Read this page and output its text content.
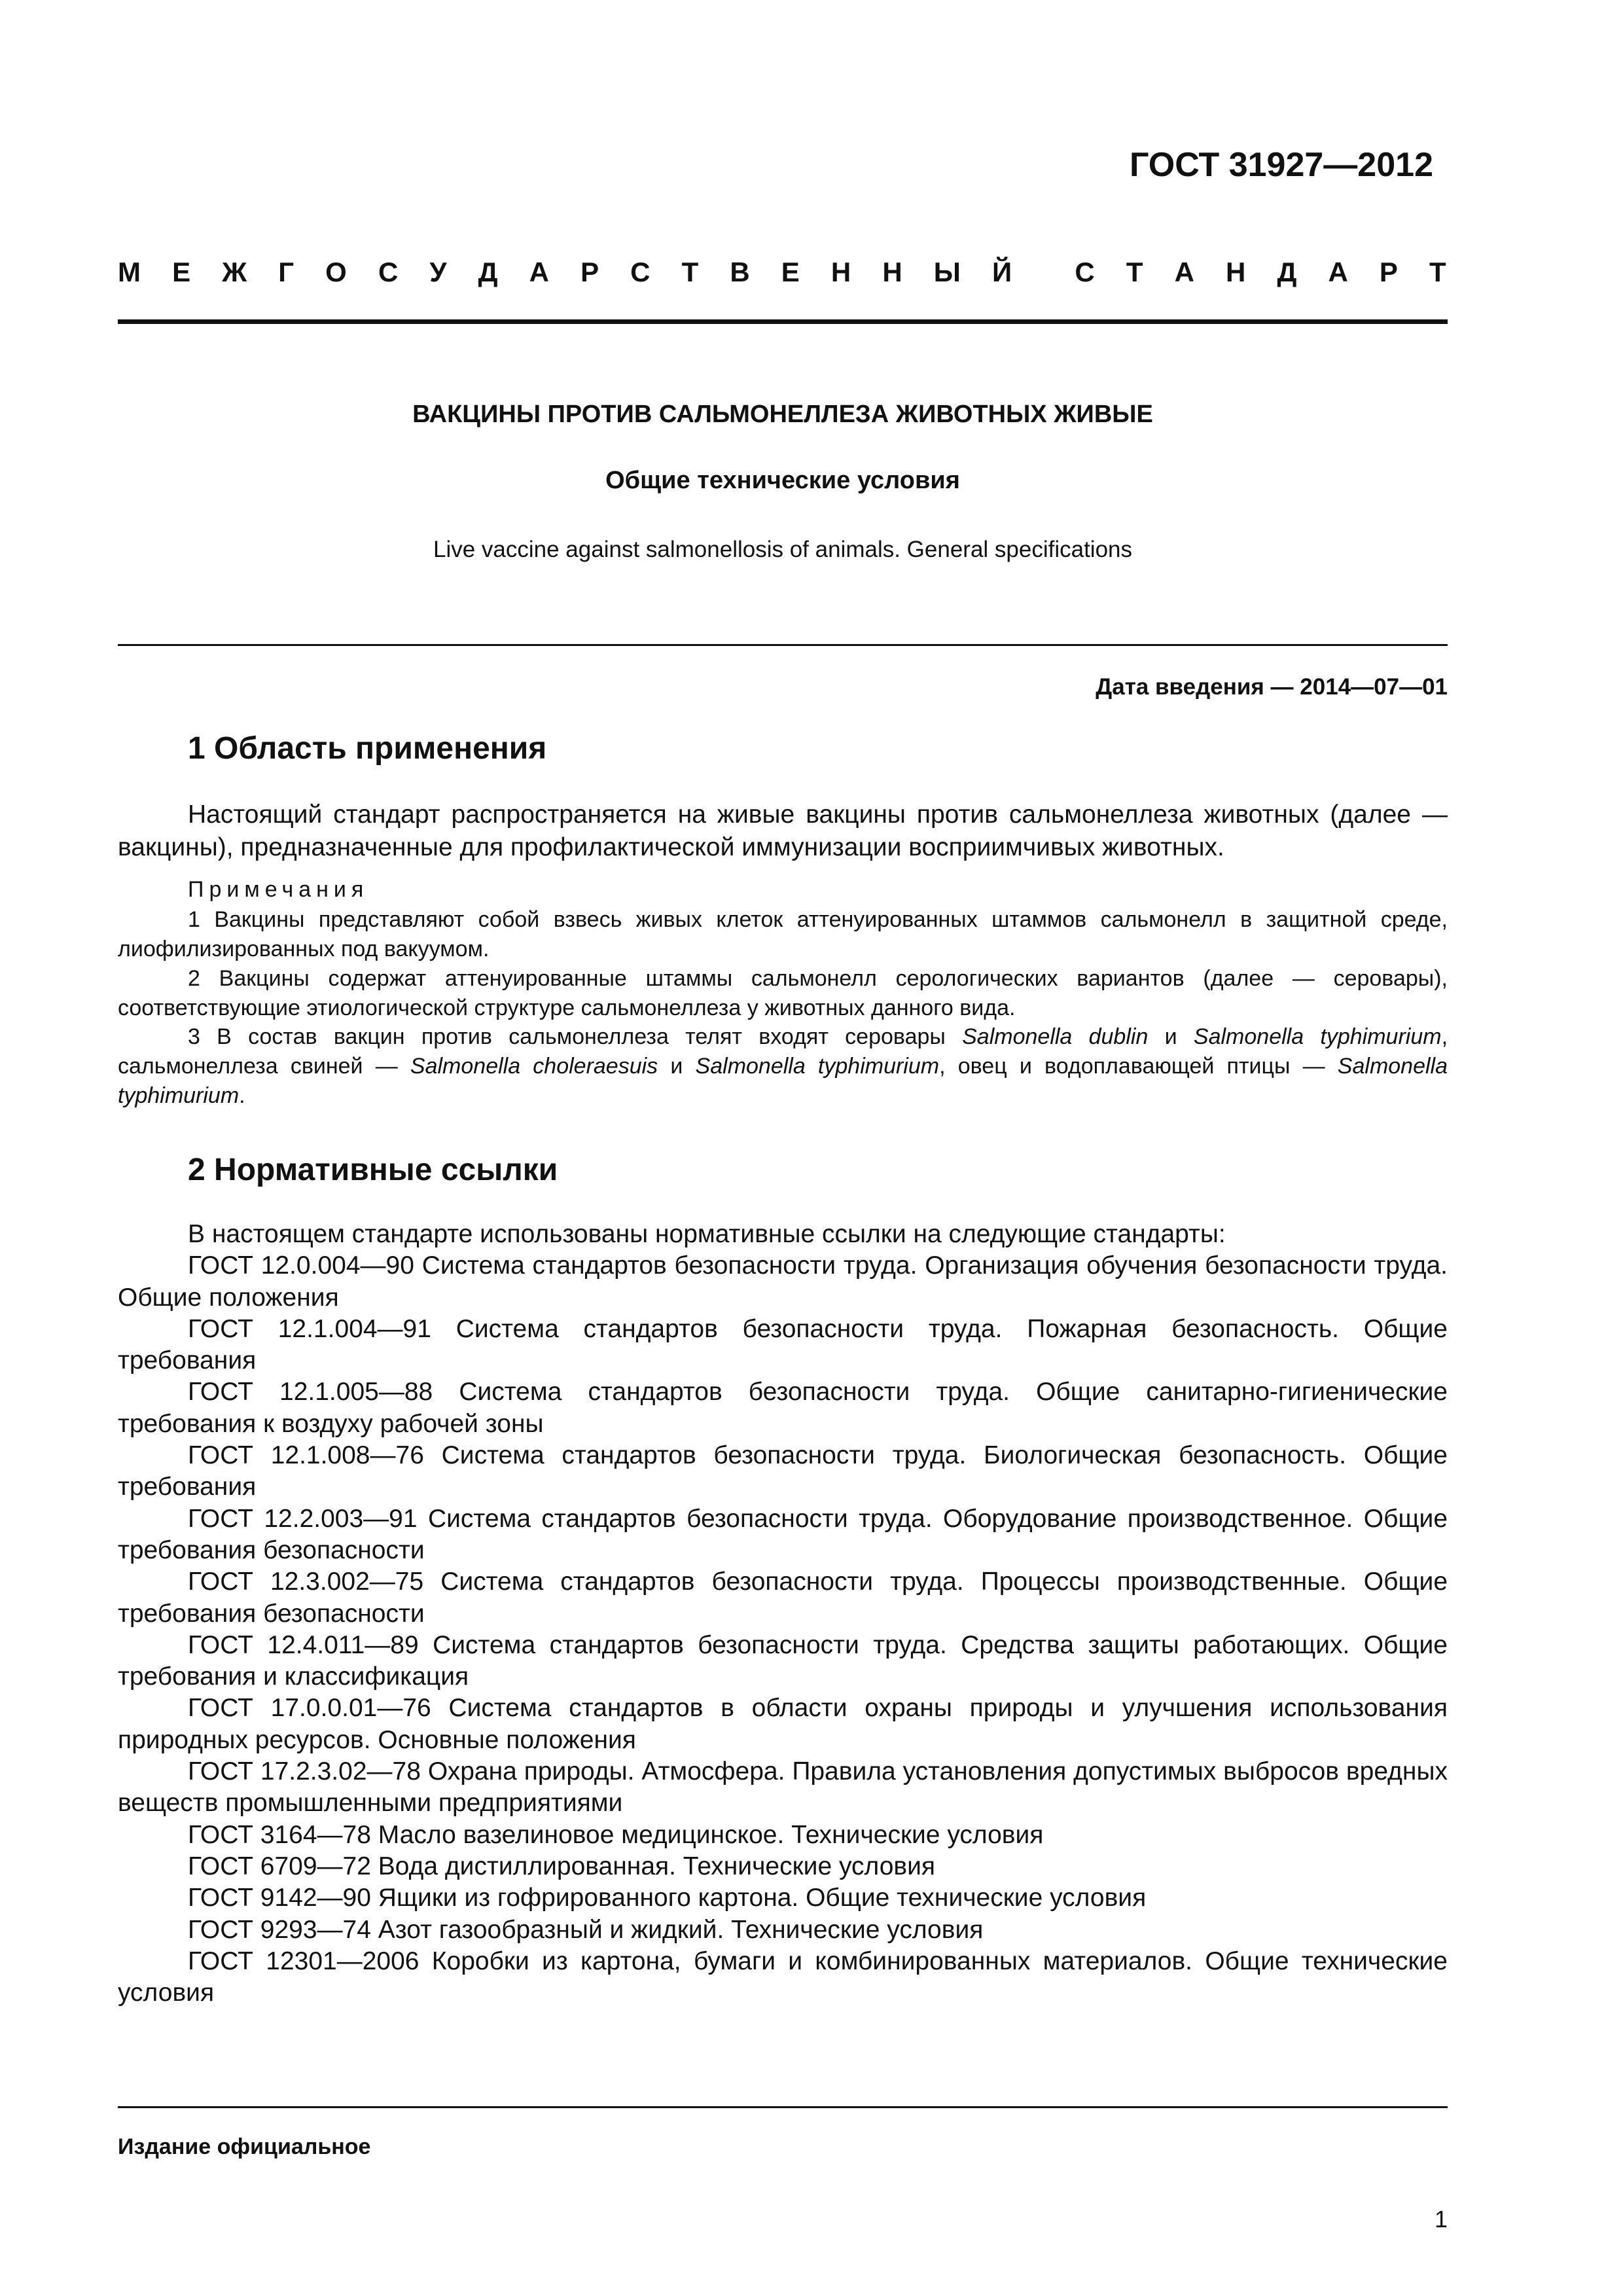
ГОСТ 31927—2012
М Е Ж Г О С У Д А Р С Т В Е Н Н Ы Й С Т А Н Д А Р Т
ВАКЦИНЫ ПРОТИВ САЛЬМОНЕЛЛЕЗА ЖИВОТНЫХ ЖИВЫЕ
Общие технические условия
Live vaccine against salmonellosis of animals. General specifications
Дата введения — 2014—07—01
1 Область применения
Настоящий стандарт распространяется на живые вакцины против сальмонеллеза животных (далее — вакцины), предназначенные для профилактической иммунизации восприимчивых животных.
Примечания
1 Вакцины представляют собой взвесь живых клеток аттенуированных штаммов сальмонелл в защитной среде, лиофилизированных под вакуумом.
2 Вакцины содержат аттенуированные штаммы сальмонелл серологических вариантов (далее — серовары), соответствующие этиологической структуре сальмонеллеза у животных данного вида.
3 В состав вакцин против сальмонеллеза телят входят серовары Salmonella dublin и Salmonella typhimurium, сальмонеллеза свиней — Salmonella choleraesuis и Salmonella typhimurium, овец и водоплавающей птицы — Salmonella typhimurium.
2 Нормативные ссылки

В настоящем стандарте использованы нормативные ссылки на следующие стандарты:

ГОСТ 12.0.004—90 Система стандартов безопасности труда. Организация обучения безопасности труда. Общие положения

ГОСТ 12.1.004—91 Система стандартов безопасности труда. Пожарная безопасность. Общие требования

ГОСТ 12.1.005—88 Система стандартов безопасности труда. Общие санитарно-гигиенические требования к воздуху рабочей зоны

ГОСТ 12.1.008—76 Система стандартов безопасности труда. Биологическая безопасность. Общие требования

ГОСТ 12.2.003—91 Система стандартов безопасности труда. Оборудование производственное. Общие требования безопасности

ГОСТ 12.3.002—75 Система стандартов безопасности труда. Процессы производственные. Общие требования безопасности

ГОСТ 12.4.011—89 Система стандартов безопасности труда. Средства защиты работающих. Общие требования и классификация

ГОСТ 17.0.0.01—76 Система стандартов в области охраны природы и улучшения использования природных ресурсов. Основные положения

ГОСТ 17.2.3.02—78 Охрана природы. Атмосфера. Правила установления допустимых выбросов вредных веществ промышленными предприятиями

ГОСТ 3164—78 Масло вазелиновое медицинское. Технические условия

ГОСТ 6709—72 Вода дистиллированная. Технические условия

ГОСТ 9142—90 Ящики из гофрированного картона. Общие технические условия

ГОСТ 9293—74 Азот газообразный и жидкий. Технические условия

ГОСТ 12301—2006 Коробки из картона, бумаги и комбинированных материалов. Общие технические условия

Издание официальное
1
